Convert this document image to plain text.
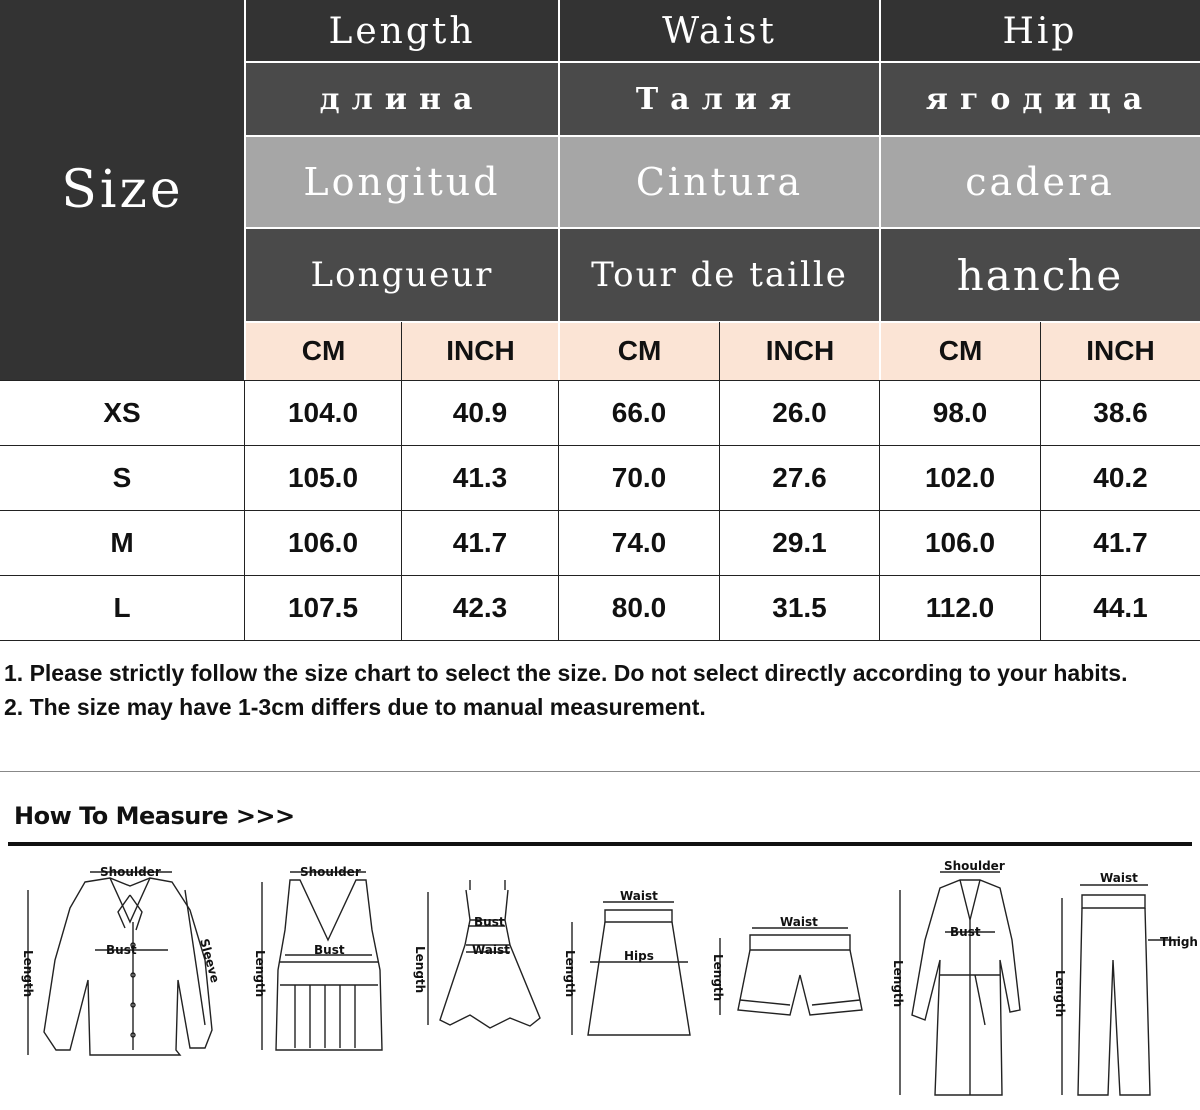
Size
Length	Waist	Hip
длина	Талия	ягодица
Longitud	Cintura	cadera
Longueur	Tour de taille	hanche
CM	INCH	CM	INCH	CM	INCH
XS	104.0	40.9	66.0	26.0	98.0	38.6
S	105.0	41.3	70.0	27.6	102.0	40.2
M	106.0	41.7	74.0	29.1	106.0	41.7
L	107.5	42.3	80.0	31.5	112.0	44.1

1. Please strictly follow the size chart to select the size. Do not select directly according to your habits.

2. The size may have 1-3cm differs due to manual measurement.

How To Measure >>>
Shoulder
Bust	Sleeve
Length
Shoulder
Bust
Length
Bust
Waist
Length
Waist
Hips
Length
Waist
Length
Shoulder
Bust
Length
Waist
Thigh
Length
